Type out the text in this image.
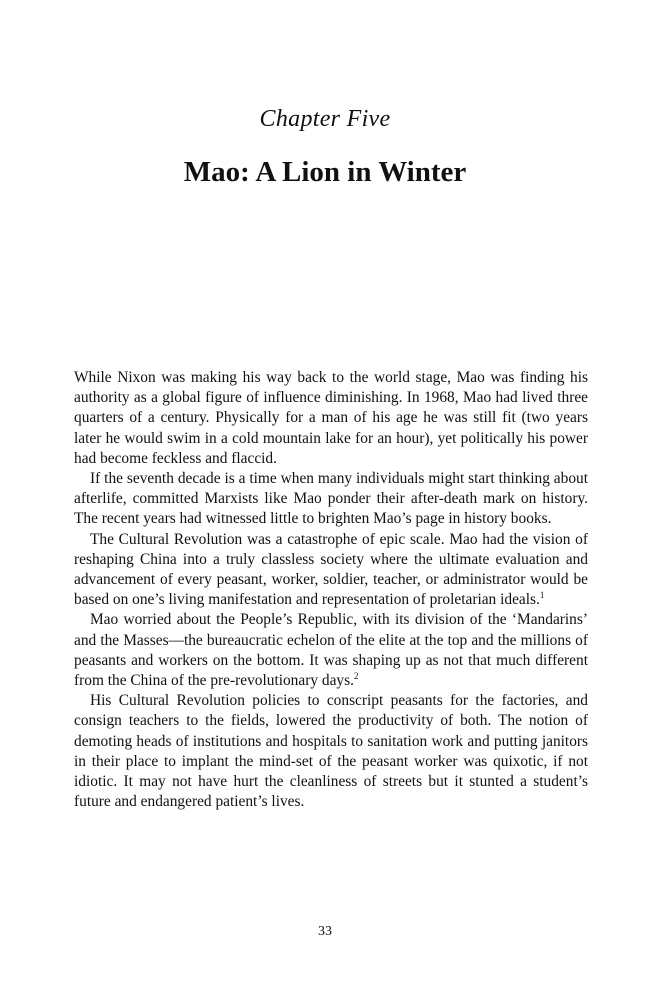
Chapter Five
Mao: A Lion in Winter

While Nixon was making his way back to the world stage, Mao was finding his authority as a global figure of influence diminishing. In 1968, Mao had lived three quarters of a century. Physically for a man of his age he was still fit (two years later he would swim in a cold mountain lake for an hour), yet politically his power had become feckless and flaccid.

If the seventh decade is a time when many individuals might start thinking about afterlife, committed Marxists like Mao ponder their after-death mark on history. The recent years had witnessed little to brighten Mao’s page in history books.

The Cultural Revolution was a catastrophe of epic scale. Mao had the vision of reshaping China into a truly classless society where the ultimate evaluation and advancement of every peasant, worker, soldier, teacher, or administrator would be based on one’s living manifestation and representation of proletarian ideals.$^1$

Mao worried about the People’s Republic, with its division of the ‘Mandarins’ and the Masses—the bureaucratic echelon of the elite at the top and the millions of peasants and workers on the bottom. It was shaping up as not that much different from the China of the pre-revolutionary days.$^2$

His Cultural Revolution policies to conscript peasants for the factories, and consign teachers to the fields, lowered the productivity of both. The notion of demoting heads of institutions and hospitals to sanitation work and putting janitors in their place to implant the mind-set of the peasant worker was quixotic, if not idiotic. It may not have hurt the cleanliness of streets but it stunted a student’s future and endangered patient’s lives.

33
